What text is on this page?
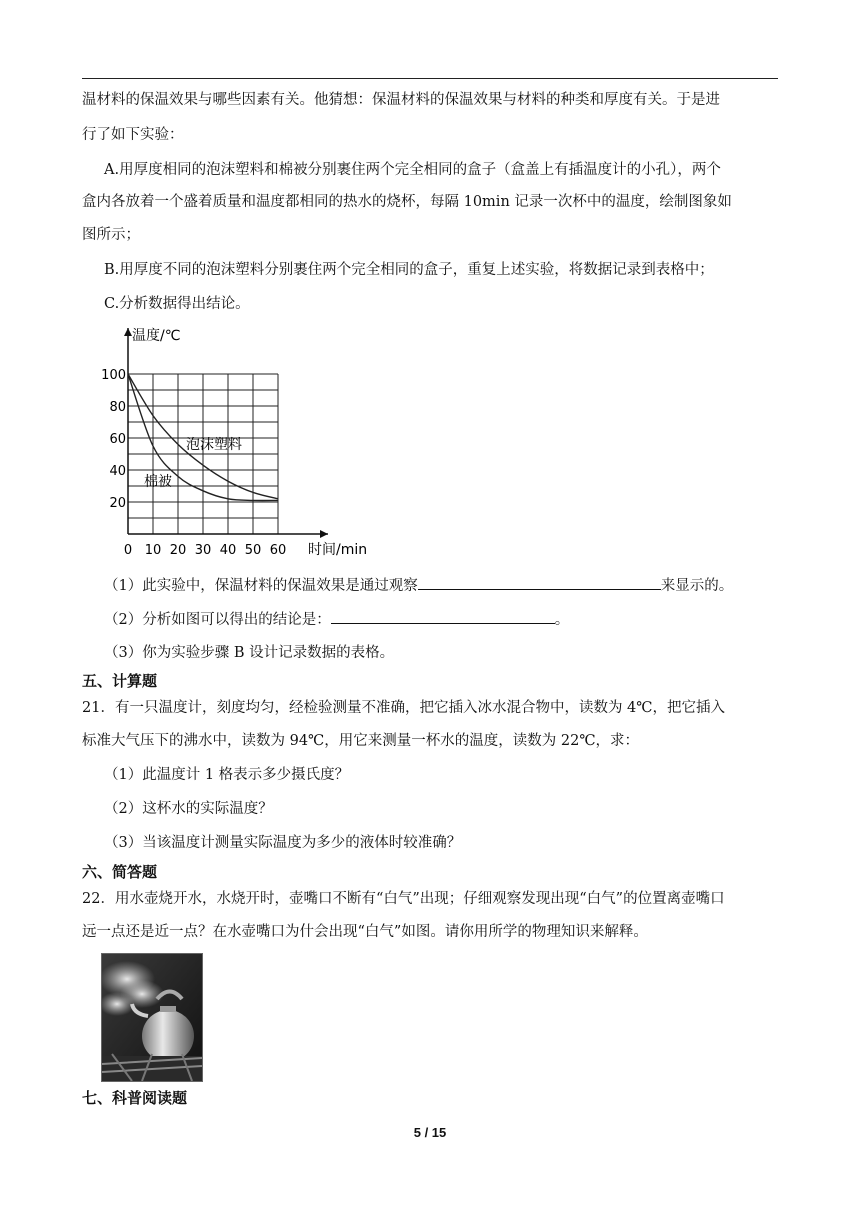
温材料的保温效果与哪些因素有关。他猜想：保温材料的保温效果与材料的种类和厚度有关。于是进
行了如下实验：
A.用厚度相同的泡沫塑料和棉被分别裹住两个完全相同的盒子（盒盖上有插温度计的小孔），两个
盒内各放着一个盛着质量和温度都相同的热水的烧杯，每隔 10min 记录一次杯中的温度，绘制图象如
图所示；
B.用厚度不同的泡沫塑料分别裹住两个完全相同的盒子，重复上述实验，将数据记录到表格中；
C.分析数据得出结论。
0 10 20 30 40 50 60
20
40
60
80
100
温度/℃
时间/min
泡沫塑料
棉被
（1）此实验中，保温材料的保温效果是通过观察	来显示的。
（2）分析如图可以得出的结论是：	。
（3）你为实验步骤 B 设计记录数据的表格。
五、计算题
21．有一只温度计，刻度均匀，经检验测量不准确，把它插入冰水混合物中，读数为 4℃，把它插入
标准大气压下的沸水中，读数为 94℃，用它来测量一杯水的温度，读数为 22℃，求：
（1）此温度计 1 格表示多少摄氏度？
（2）这杯水的实际温度？
（3）当该温度计测量实际温度为多少的液体时较准确？
六、简答题
22．用水壶烧开水，水烧开时，壶嘴口不断有“白气”出现；仔细观察发现出现“白气”的位置离壶嘴口
远一点还是近一点？在水壶嘴口为什会出现“白气”如图。请你用所学的物理知识来解释。
七、科普阅读题
5 / 15
